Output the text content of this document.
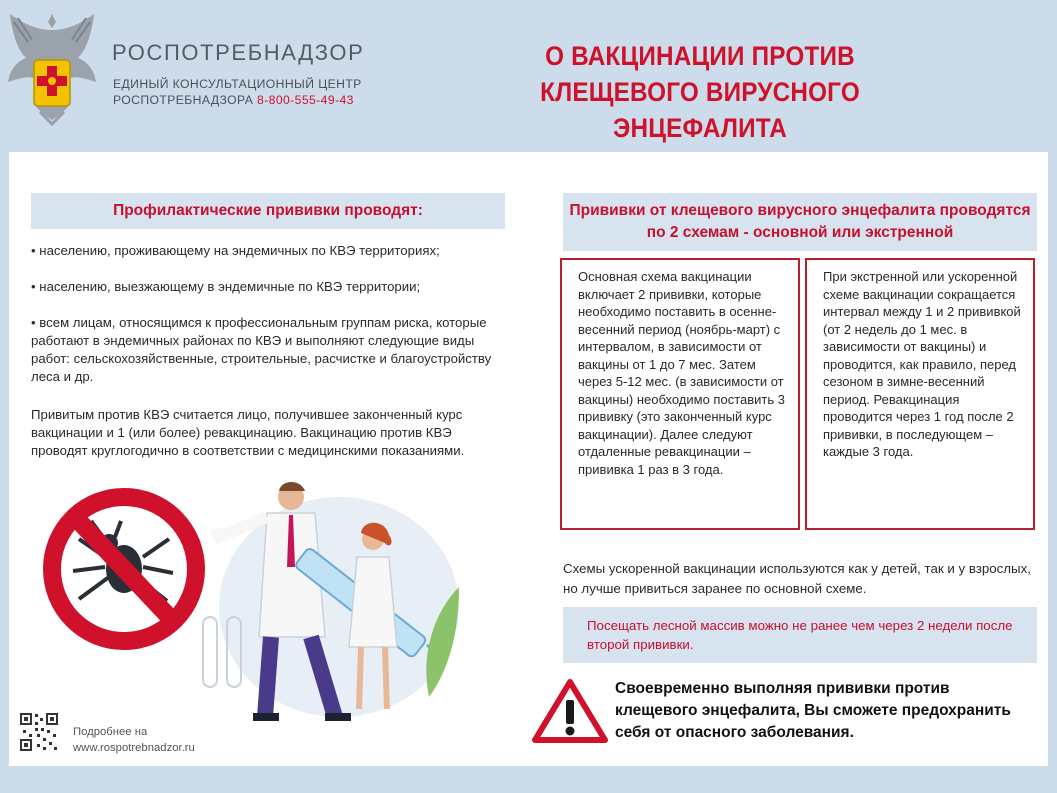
РОСПОТРЕБНАДЗОР
ЕДИНЫЙ КОНСУЛЬТАЦИОННЫЙ ЦЕНТР
РОСПОТРЕБНАДЗОРА 8-800-555-49-43
О ВАКЦИНАЦИИ ПРОТИВ
КЛЕЩЕВОГО ВИРУСНОГО ЭНЦЕФАЛИТА
Профилактические прививки проводят:
• населению, проживающему на эндемичных по КВЭ территориях;
• населению, выезжающему в эндемичные по КВЭ территории;
• всем лицам, относящимся к профессиональным группам риска, которые работают в эндемичных районах по КВЭ и выполняют следующие виды работ: сельскохозяйственные, строительные, расчистке и благоустройству леса и др.
Привитым против КВЭ считается лицо, получившее законченный курс вакцинации и 1 (или более) ревакцинацию. Вакцинацию против КВЭ проводят круглогодично в соответствии с медицинскими показаниями.
Прививки от клещевого вирусного энцефалита проводятся
по 2 схемам - основной или экстренной
Основная схема вакцинации включает 2 прививки, которые необходимо поставить в осенне-весенний период (ноябрь-март) с интервалом, в зависимости от вакцины от 1 до 7 мес. Затем через 5-12 мес. (в зависимости от вакцины) необходимо поставить 3 прививку (это законченный курс вакцинации). Далее следуют отдаленные ревакцинации – прививка 1 раз в 3 года.
При экстренной или ускоренной схеме вакцинации сокращается интервал между 1 и 2 прививкой (от 2 недель до 1 мес. в зависимости от вакцины) и проводится, как правило, перед сезоном в зимне-весенний период. Ревакцинация проводится через 1 год после 2 прививки, в последующем – каждые 3 года.
Схемы ускоренной вакцинации используются как у детей, так и у взрослых, но лучше привиться заранее по основной схеме.
Посещать лесной массив можно не ранее чем через 2 недели после второй прививки.
Своевременно выполняя прививки против клещевого энцефалита, Вы сможете предохранить себя от опасного заболевания.
Подробнее на
www.rospotrebnadzor.ru
